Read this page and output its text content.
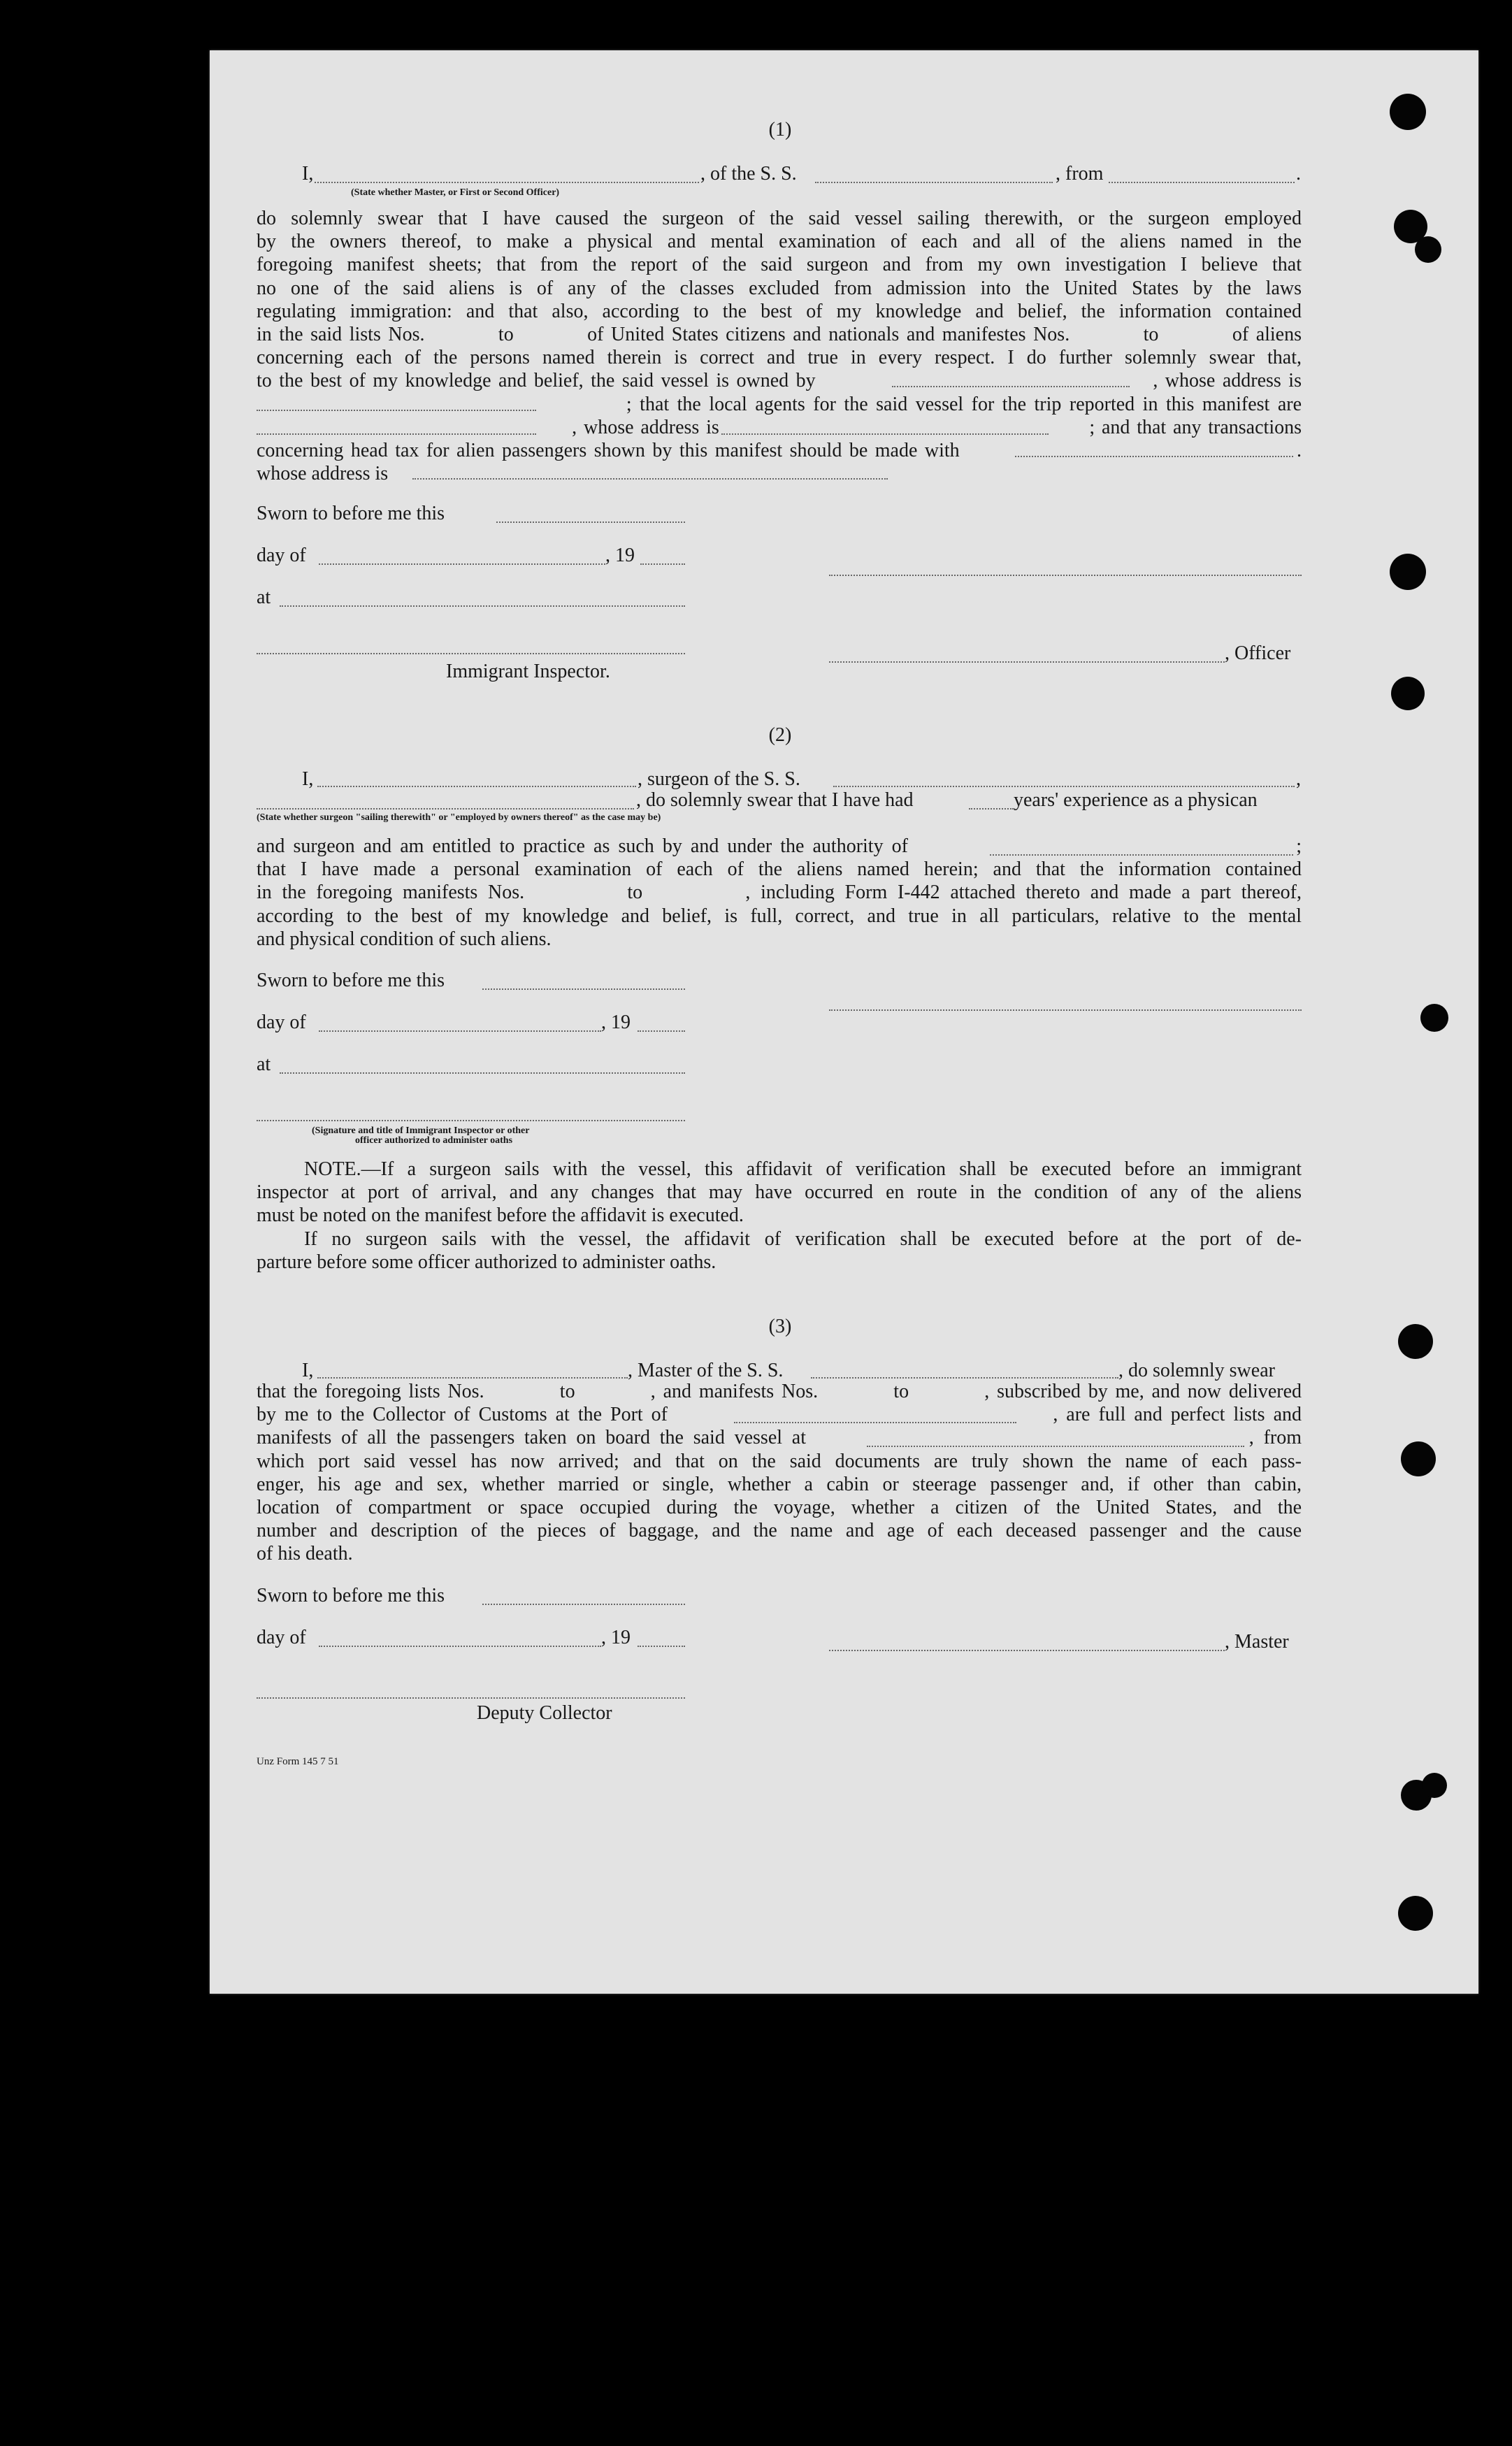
(1)
I,	, of the S. S.	, from	.
(State whether Master, or First or Second Officer)
do solemnly swear that I have caused the surgeon of the said vessel sailing therewith, or the surgeon employed
by the owners thereof, to make a physical and mental examination of each and all of the aliens named in the
foregoing manifest sheets; that from the report of the said surgeon and from my own investigation I believe that
no one of the said aliens is of any of the classes excluded from admission into the United States by the laws
regulating immigration: and that also, according to the best of my knowledge and belief, the information contained
in the said lists Nos.          to          of United States citizens and nationals and manifestes Nos.          to          of aliens
concerning each of the persons named therein is correct and true in every respect. I do further solemnly swear that,
to the best of my knowledge and belief, the said vessel is owned by                                              , whose address is
; that the local agents for the said vessel for the trip reported in this manifest are
, whose address is                                                      ; and that any transactions
concerning head tax for alien passengers shown by this manifest should be made with                                              .
whose address is
Sworn to before me this
day of	, 19
at
, Officer
Immigrant Inspector.
(2)
I,	, surgeon of the S. S.	,
, do solemnly swear that I have had	years' experience as a physican
(State whether surgeon "sailing therewith" or "employed by owners thereof" as the case may be)
and surgeon and am entitled to practice as such by and under the authority of                                              ;
that I have made a personal examination of each of the aliens named herein; and that the information contained
in the foregoing manifests Nos.          to          , including Form I-442 attached thereto and made a part thereof,
according to the best of my knowledge and belief, is full, correct, and true in all particulars, relative to the mental
and physical condition of such aliens.
Sworn to before me this
day of	, 19
at
(Signature and title of Immigrant Inspector or other
officer authorized to administer oaths
NOTE.—If a surgeon sails with the vessel, this affidavit of verification shall be executed before an immigrant
inspector at port of arrival, and any changes that may have occurred en route in the condition of any of the aliens
must be noted on the manifest before the affidavit is executed.
If no surgeon sails with the vessel, the affidavit of verification shall be executed before at the port of de-
parture before some officer authorized to administer oaths.
(3)
I,	, Master of the S. S.	, do solemnly swear
that the foregoing lists Nos.          to          , and manifests Nos.          to          , subscribed by me, and now delivered
by me to the Collector of Customs at the Port of                                              , are full and perfect lists and
manifests of all the passengers taken on board the said vessel at                                              , from
which port said vessel has now arrived; and that on the said documents are truly shown the name of each pass-
enger, his age and sex, whether married or single, whether a cabin or steerage passenger and, if other than cabin,
location of compartment or space occupied during the voyage, whether a citizen of the United States, and the
number and description of the pieces of baggage, and the name and age of each deceased passenger and the cause
of his death.
Sworn to before me this
day of	, 19	, Master
Deputy Collector
Unz Form 145 7 51
